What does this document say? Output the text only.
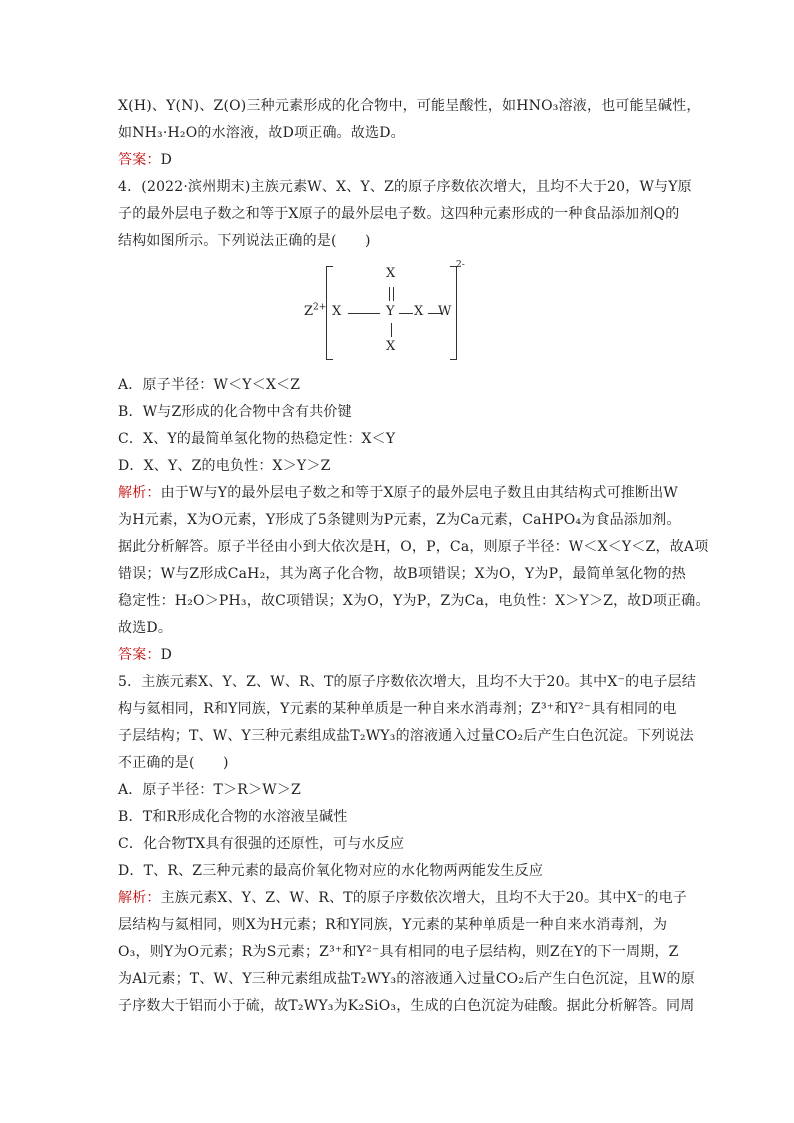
X(H)、Y(N)、Z(O)三种元素形成的化合物中，可能呈酸性，如HNO₃溶液，也可能呈碱性，
如NH₃·H₂O的水溶液，故D项正确。故选D。
答案：D
4．(2022·滨州期末)主族元素W、X、Y、Z的原子序数依次增大，且均不大于20，W与Y原
子的最外层电子数之和等于X原子的最外层电子数。这四种元素形成的一种食品添加剂Q的
结构如图所示。下列说法正确的是(　　)
$Z^{2+}$
2-
X
X	Y X W
X
A．原子半径：W＜Y＜X＜Z
B．W与Z形成的化合物中含有共价键
C．X、Y的最简单氢化物的热稳定性：X＜Y
D．X、Y、Z的电负性：X＞Y＞Z
解析：由于W与Y的最外层电子数之和等于X原子的最外层电子数且由其结构式可推断出W
为H元素，X为O元素，Y形成了5条键则为P元素，Z为Ca元素，CaHPO₄为食品添加剂。
据此分析解答。原子半径由小到大依次是H，O，P，Ca，则原子半径：W＜X＜Y＜Z，故A项
错误；W与Z形成CaH₂，其为离子化合物，故B项错误；X为O，Y为P，最简单氢化物的热
稳定性：H₂O＞PH₃，故C项错误；X为O，Y为P，Z为Ca，电负性：X＞Y＞Z，故D项正确。
故选D。
答案：D
5．主族元素X、Y、Z、W、R、T的原子序数依次增大，且均不大于20。其中X⁻的电子层结
构与氦相同，R和Y同族，Y元素的某种单质是一种自来水消毒剂；Z³⁺和Y²⁻具有相同的电
子层结构；T、W、Y三种元素组成盐T₂WY₃的溶液通入过量CO₂后产生白色沉淀。下列说法
不正确的是(　　)
A．原子半径：T＞R＞W＞Z
B．T和R形成化合物的水溶液呈碱性
C．化合物TX具有很强的还原性，可与水反应
D．T、R、Z三种元素的最高价氧化物对应的水化物两两能发生反应
解析：主族元素X、Y、Z、W、R、T的原子序数依次增大，且均不大于20。其中X⁻的电子
层结构与氦相同，则X为H元素；R和Y同族，Y元素的某种单质是一种自来水消毒剂，为
O₃，则Y为O元素；R为S元素；Z³⁺和Y²⁻具有相同的电子层结构，则Z在Y的下一周期，Z
为Al元素；T、W、Y三种元素组成盐T₂WY₃的溶液通入过量CO₂后产生白色沉淀，且W的原
子序数大于铝而小于硫，故T₂WY₃为K₂SiO₃，生成的白色沉淀为硅酸。据此分析解答。同周
